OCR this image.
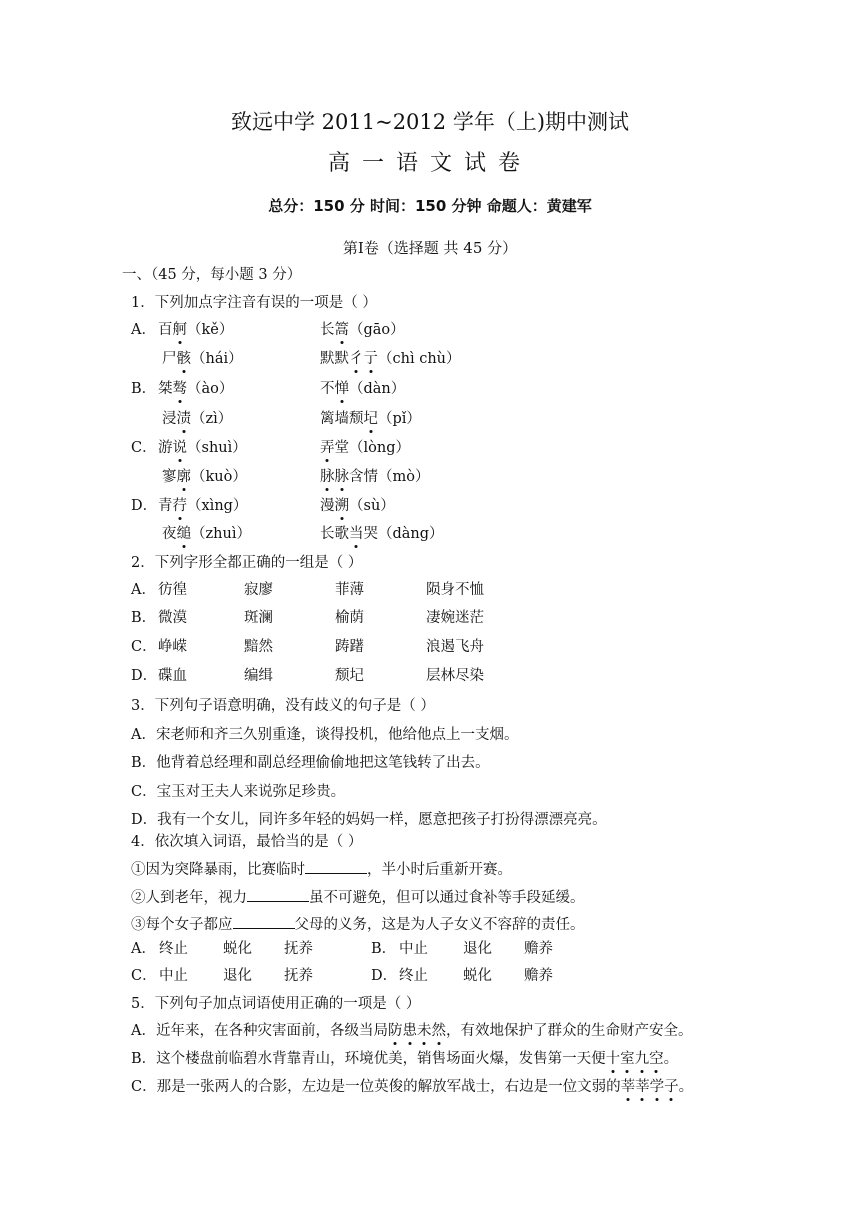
致远中学 2011~2012 学年（上)期中测试
高一语文试卷
总分：150 分 时间：150 分钟 命题人：黄建军
第Ⅰ卷（选择题 共 45 分）
一、（45 分，每小题 3 分）
1．下列加点字注音有误的一项是（ ）
A． 百舸（kě）	长篙（gāo）
尸骸（hái）	默默彳亍（chì chù）
B． 桀骜（ào）	不惮（dàn）
浸渍（zì）	篱墙颓圮（pǐ）
C． 游说（shuì）	弄堂（lòng）
寥廓（kuò）	脉脉含情（mò）
D． 青荇（xìng）	漫溯（sù）
夜缒（zhuì）	长歌当哭（dàng）
2．下列字形全都正确的一组是（ ）
A． 彷徨	寂廖	菲薄	陨身不恤
B． 微漠	斑澜	榆荫	凄婉迷茫
C． 峥嵘	黯然	踌躇	浪遏飞舟
D． 碟血	编缉	颓圮	层林尽染
3．下列句子语意明确，没有歧义的句子是（ ）
A．宋老师和齐三久别重逢，谈得投机，他给他点上一支烟。
B．他背着总经理和副总经理偷偷地把这笔钱转了出去。
C．宝玉对王夫人来说弥足珍贵。
D．我有一个女儿，同许多年轻的妈妈一样，愿意把孩子打扮得漂漂亮亮。
4．依次填入词语，最恰当的是（ ）
①因为突降暴雨，比赛临时	，半小时后重新开赛。
②人到老年，视力	虽不可避免，但可以通过食补等手段延缓。
③每个女子都应	父母的义务，这是为人子女义不容辞的责任。
A． 终止 蜕化 抚养	B． 中止 退化 赡养
C． 中止 退化 抚养	D． 终止 蜕化 赡养
5．下列句子加点词语使用正确的一项是（ ）
A．近年来，在各种灾害面前，各级当局防患未然，有效地保护了群众的生命财产安全。
B．这个楼盘前临碧水背靠青山，环境优美，销售场面火爆，发售第一天便十室九空。
C．那是一张两人的合影，左边是一位英俊的解放军战士，右边是一位文弱的莘莘学子。
